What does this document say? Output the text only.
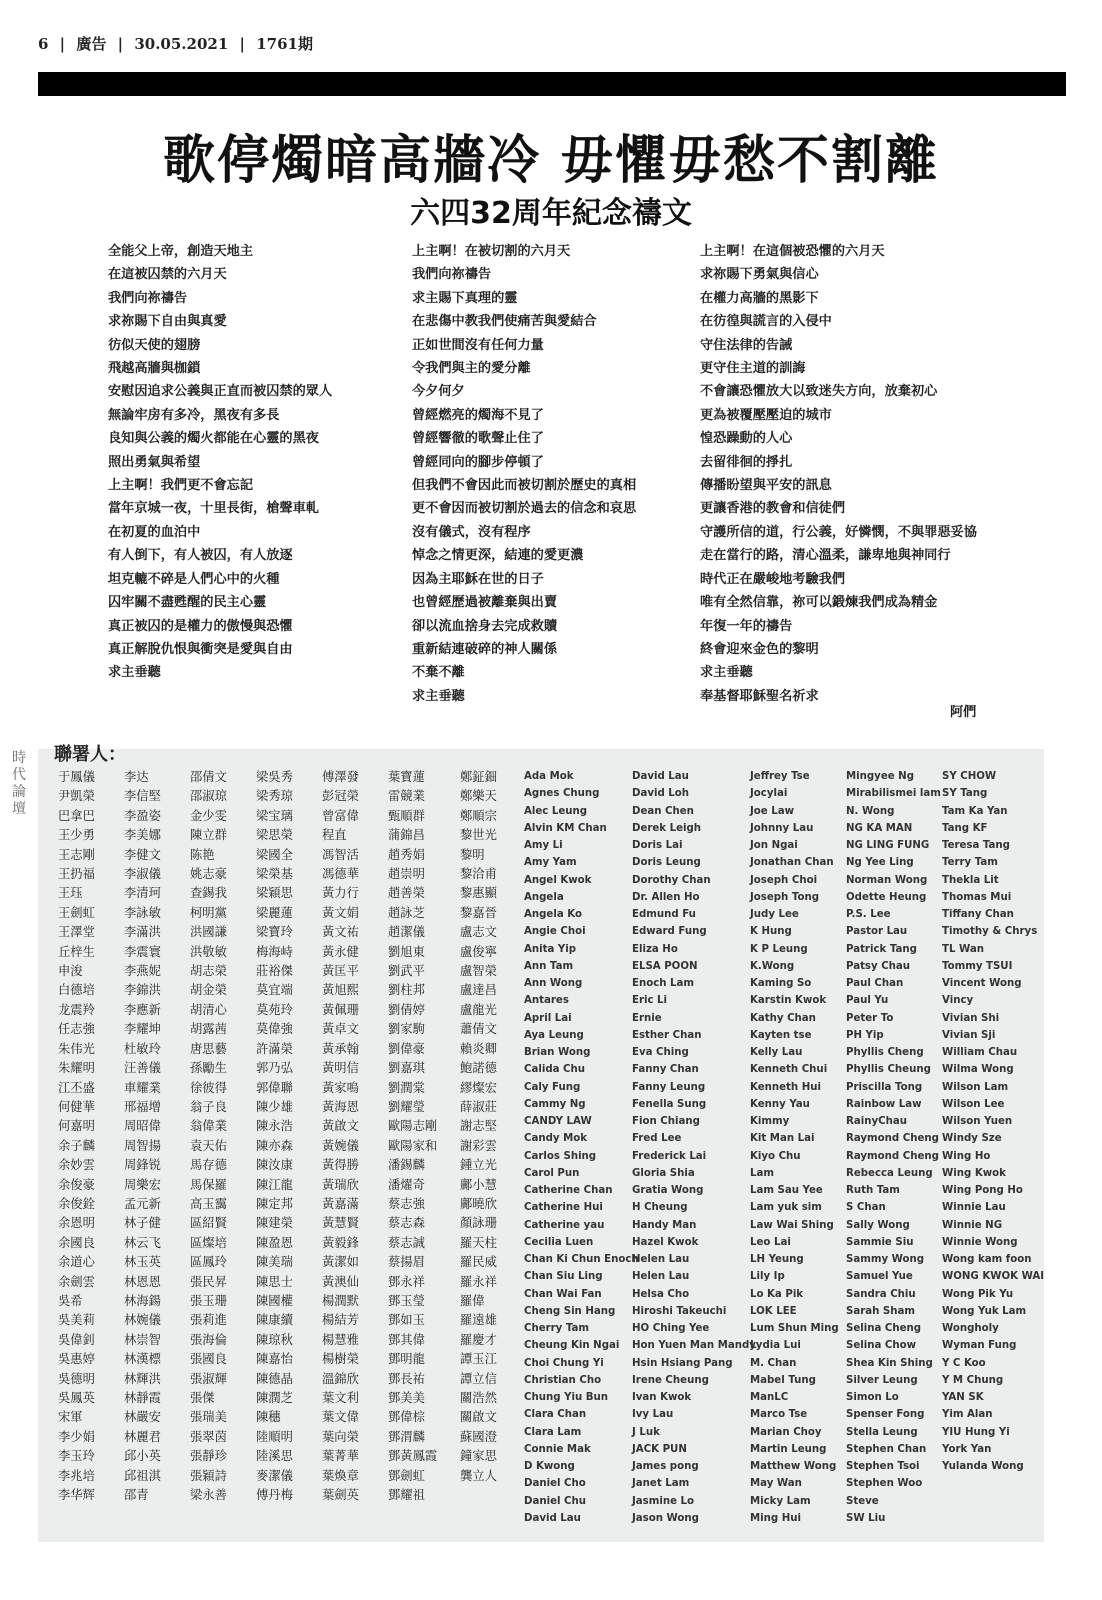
6 | 廣告 | 30.05.2021 | 1761期
歌停燭暗高牆冷 毋懼毋愁不割離
六四32周年紀念禱文
全能父上帝，創造天地主
在這被囚禁的六月天
我們向祢禱告
求祢賜下自由與真愛
彷似天使的翅膀
飛越高牆與枷鎖
安慰因追求公義與正直而被囚禁的眾人
無論牢房有多冷，黑夜有多長
良知與公義的燭火都能在心靈的黑夜
照出勇氣與希望
上主啊！我們更不會忘記
當年京城一夜，十里長街，槍聲車軋
在初夏的血泊中
有人倒下，有人被囚，有人放逐
坦克轆不碎是人們心中的火種
囚牢關不盡甦醒的民主心靈
真正被囚的是權力的傲慢與恐懼
真正解脫仇恨與衝突是愛與自由
求主垂聽
上主啊！在被切割的六月天
我們向祢禱告
求主賜下真理的靈
在悲傷中教我們使痛苦與愛結合
正如世間沒有任何力量
令我們與主的愛分離
今夕何夕
曾經燃亮的燭海不見了
曾經響徹的歌聲止住了
曾經同向的腳步停頓了
但我們不會因此而被切割於歷史的真相
更不會因而被切割於過去的信念和哀思
沒有儀式，沒有程序
悼念之情更深，結連的愛更濃
因為主耶穌在世的日子
也曾經歷過被離棄與出賣
卻以流血捨身去完成救贖
重新結連破碎的神人關係
不棄不離
求主垂聽
上主啊！在這個被恐懼的六月天
求祢賜下勇氣與信心
在權力高牆的黑影下
在彷徨與謊言的入侵中
守住法律的告誡
更守住主道的訓誨
不會讓恐懼放大以致迷失方向，放棄初心
更為被覆壓壓迫的城市
惶恐躁動的人心
去留徘徊的掙扎
傳播盼望與平安的訊息
更讓香港的教會和信徒們
守護所信的道，行公義，好憐憫，不與罪惡妥協
走在當行的路，清心溫柔，謙卑地與神同行
時代正在嚴峻地考驗我們
唯有全然信靠，祢可以鍛煉我們成為精金
年復一年的禱告
終會迎來金色的黎明
求主垂聽
奉基督耶穌聖名祈求
阿們
時代論壇
聯署人：
于鳳儀
尹凱榮
巴拿巴
王少勇
王志剛
王扔福
王珏
王劍虹
王澤堂
丘梓生
申浚
白德培
龙震羚
任志強
朱伟光
朱耀明
江丕盛
何健華
何嘉明
余子麟
余妙雲
余俊豪
余俊銓
余恩明
余國良
余道心
余劍雲
吳希
吳美莉
吳偉釗
吳惠婷
吳德明
吳鳳英
宋軍
李少娟
李玉玲
李兆培
李华辉
李达
李信堅
李盈姿
李美娜
李健文
李淑儀
李清珂
李詠敏
李滿洪
李震寰
李燕妮
李錦洪
李應新
李耀坤
杜敏玲
汪善儀
車耀業
邢福增
周昭偉
周智揚
周鋒锐
周樂宏
孟元新
林子健
林云飞
林玉英
林恩恩
林海鍚
林婉儀
林崇智
林漢標
林輝洪
林靜霞
林嚴安
林麗君
邱小英
邱祖淇
邵青
邵倩文
邵淑琼
金少雯
陳立群
陈艳
姚志豪
查錫我
柯明黨
洪國謙
洪敬敏
胡志榮
胡金榮
胡清心
胡露茜
唐思藝
孫勵生
徐彼得
翁子良
翁偉業
袁天佑
馬存德
馬保羅
高玉靄
區紹賢
區燦培
區鳳玲
張民昇
張玉珊
張莉進
張海倫
張國良
張淑輝
張傑
張瑞美
張翠茵
張靜珍
張穎詩
梁永善
梁吳秀
梁秀琼
梁宝璃
梁思榮
梁國全
梁榮基
梁穎思
梁麗蓮
梁寶玲
梅海峙
莊裕傑
莫宜端
莫苑玲
莫偉強
許滿榮
郭乃弘
郭偉聯
陳少雄
陳永浩
陳亦森
陳汝康
陳江龍
陳定邦
陳建榮
陳盈恩
陳美瑞
陳思士
陳國權
陳康續
陳琼秋
陳嘉怡
陳德晶
陳潤芝
陳穗
陸順明
陸溪思
麥潔儀
傅丹梅
傅澤發
彭冠榮
曾富偉
程直
馮智活
馮德華
黃力行
黃文娟
黃文祐
黃永健
黃匡平
黃旭熙
黃佩珊
黃卓文
黃承翰
黃明信
黃家嗚
黃海恩
黃啟文
黃婉儀
黃得勝
黃瑞欣
黃嘉滿
黃慧賢
黃毅鋒
黃潔如
黃澳仙
楊潤默
楊結芳
楊慧雅
楊樹榮
溫錦欣
葉文利
葉文偉
葉向榮
葉菁華
葉煥章
葉劍英
葉寶蓮
雷競業
甄順群
蒲錦昌
趙秀娟
趙崇明
趙善榮
趙詠芝
趙潔儀
劉旭東
劉武平
劉柱邦
劉倩婷
劉家駒
劉偉豪
劉嘉琪
劉潤棠
劉耀瑩
歐陽志剛
歐陽家和
潘錫麟
潘燿奇
蔡志強
蔡志森
蔡志誠
蔡揚眉
鄧永祥
鄧玉瑩
鄧如玉
鄧其偉
鄧明龍
鄧長祐
鄧美美
鄧偉棕
鄧渭麟
鄧黃鳳霞
鄧劍虹
鄧耀祖
鄭鉦鈿
鄭樂天
鄭順宗
黎世光
黎明
黎洽甫
黎惠顯
黎嘉晉
盧志文
盧俊寧
盧智榮
盧達昌
盧龍光
蕭倩文
賴炎卿
鮑諾德
繆燦宏
薛淑莊
謝志堅
謝彩雲
鍾立光
鄺小慧
鄺曉欣
顏詠珊
羅天柱
羅民威
羅永祥
羅偉
羅遠雄
羅慶才
譚玉江
譚立信
關浩然
關啟文
蘇國澄
鐘家思
龔立人
Ada Mok
Agnes Chung
Alec Leung
Alvin KM Chan
Amy Li
Amy Yam
Angel Kwok
Angela
Angela Ko
Angie Choi
Anita Yip
Ann Tam
Ann Wong
Antares
April Lai
Aya Leung
Brian Wong
Calida Chu
Caly Fung
Cammy Ng
CANDY LAW
Candy Mok
Carlos Shing
Carol Pun
Catherine Chan
Catherine Hui
Catherine yau
Cecilia Luen
Chan Ki Chun Enoch
Chan Siu Ling
Chan Wai Fan
Cheng Sin Hang
Cherry Tam
Cheung Kin Ngai
Choi Chung Yi
Christian Cho
Chung Yiu Bun
Clara Chan
Clara Lam
Connie Mak
D Kwong
Daniel Cho
Daniel Chu
David Lau
David Lau
David Loh
Dean Chen
Derek Leigh
Doris Lai
Doris Leung
Dorothy Chan
Dr. Allen Ho
Edmund Fu
Edward Fung
Eliza Ho
ELSA POON
Enoch Lam
Eric Li
Ernie
Esther Chan
Eva Ching
Fanny Chan
Fanny Leung
Fenella Sung
Fion Chiang
Fred Lee
Frederick Lai
Gloria Shia
Gratia Wong
H Cheung
Handy Man
Hazel Kwok
Helen Lau
Helen Lau
Helsa Cho
Hiroshi Takeuchi
HO Ching Yee
Hon Yuen Man Mandy
Hsin Hsiang Pang
Irene Cheung
Ivan Kwok
Ivy Lau
J Luk
JACK PUN
James pong
Janet Lam
Jasmine Lo
Jason Wong
Jeffrey Tse
Jocylai
Joe Law
Johnny Lau
Jon Ngai
Jonathan Chan
Joseph Choi
Joseph Tong
Judy Lee
K Hung
K P Leung
K.Wong
Kaming So
Karstin Kwok
Kathy Chan
Kayten tse
Kelly Lau
Kenneth Chui
Kenneth Hui
Kenny Yau
Kimmy
Kit Man Lai
Kiyo Chu
Lam
Lam Sau Yee
Lam yuk sim
Law Wai Shing
Leo Lai
LH Yeung
Lily Ip
Lo Ka Pik
LOK LEE
Lum Shun Ming
Lydia Lui
M. Chan
Mabel Tung
ManLC
Marco Tse
Marian Choy
Martin Leung
Matthew Wong
May Wan
Micky Lam
Ming Hui
Mingyee Ng
Mirabilismei lam
N. Wong
NG KA MAN
NG LING FUNG
Ng Yee Ling
Norman Wong
Odette Heung
P.S. Lee
Pastor Lau
Patrick Tang
Patsy Chau
Paul Chan
Paul Yu
Peter To
PH Yip
Phyllis Cheng
Phyllis Cheung
Priscilla Tong
Rainbow Law
RainyChau
Raymond Cheng
Raymond Cheng
Rebecca Leung
Ruth Tam
S Chan
Sally Wong
Sammie Siu
Sammy Wong
Samuel Yue
Sandra Chiu
Sarah Sham
Selina Cheng
Selina Chow
Shea Kin Shing
Silver Leung
Simon Lo
Spenser Fong
Stella Leung
Stephen Chan
Stephen Tsoi
Stephen Woo
Steve
SW Liu
SY CHOW
SY Tang
Tam Ka Yan
Tang KF
Teresa Tang
Terry Tam
Thekla Lit
Thomas Mui
Tiffany Chan
Timothy & Chrys
TL Wan
Tommy TSUI
Vincent Wong
Vincy
Vivian Shi
Vivian Sji
William Chau
Wilma Wong
Wilson Lam
Wilson Lee
Wilson Yuen
Windy Sze
Wing Ho
Wing Kwok
Wing Pong Ho
Winnie Lau
Winnie NG
Winnie Wong
Wong kam foon
WONG KWOK WAI
Wong Pik Yu
Wong Yuk Lam
Wongholy
Wyman Fung
Y C Koo
Y M Chung
YAN SK
Yim Alan
YIU Hung Yi
York Yan
Yulanda Wong
